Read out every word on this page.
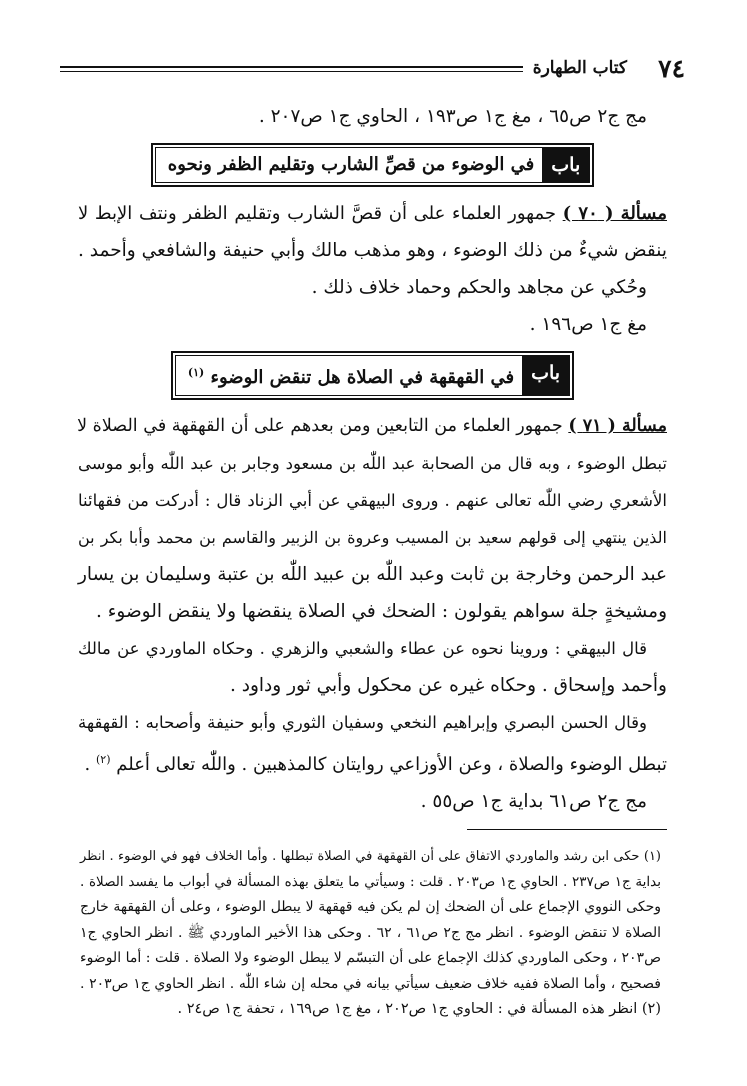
٧٤
كتاب الطهارة
مج ج٢ ص٦٥ ، مغ ج١ ص١٩٣ ، الحاوي ج١ ص٢٠٧ .
باب
في الوضوء من قصِّ الشارب وتقليم الظفر ونحوه
مسألة ( ٧٠ ) جمهور العلماء على أن قصَّ الشارب وتقليم الظفر ونتف الإبط لا
ينقض شيءٌ من ذلك الوضوء ، وهو مذهب مالك وأبي حنيفة والشافعي وأحمد .
وحُكي عن مجاهد والحكم وحماد خلاف ذلك .
مغ ج١ ص١٩٦ .
باب
في القهقهة في الصلاة هل تنقض الوضوء $^{(١)}$
مسألة ( ٧١ ) جمهور العلماء من التابعين ومن بعدهم على أن القهقهة في الصلاة لا
تبطل الوضوء ، وبه قال من الصحابة عبد اللّٰه بن مسعود وجابر بن عبد اللّٰه وأبو موسى
الأشعري رضي اللّٰه تعالى عنهم . وروى البيهقي عن أبي الزناد قال : أدركت من فقهائنا
الذين ينتهي إلى قولهم سعيد بن المسيب وعروة بن الزبير والقاسم بن محمد وأبا بكر بن
عبد الرحمن وخارجة بن ثابت وعبد اللّٰه بن عبيد اللّٰه بن عتبة وسليمان بن يسار
ومشيخةٍ جلة سواهم يقولون : الضحك في الصلاة ينقضها ولا ينقض الوضوء .
قال البيهقي : وروينا نحوه عن عطاء والشعبي والزهري . وحكاه الماوردي عن مالك
وأحمد وإسحاق . وحكاه غيره عن محكول وأبي ثور وداود .
وقال الحسن البصري وإبراهيم النخعي وسفيان الثوري وأبو حنيفة وأصحابه : القهقهة
تبطل الوضوء والصلاة ، وعن الأوزاعي روايتان كالمذهبين . واللّٰه تعالى أعلم $^{(٢)}$ .
مج ج٢ ص٦١ بداية ج١ ص٥٥ .
(١) حكى ابن رشد والماوردي الاتفاق على أن القهقهة في الصلاة تبطلها . وأما الخلاف فهو في الوضوء . انظر
بداية ج١ ص٢٣٧ . الحاوي ج١ ص٢٠٣ . قلت : وسيأتي ما يتعلق بهذه المسألة في أبواب ما يفسد الصلاة .
وحكى النووي الإجماع على أن الضحك إن لم يكن فيه قهقهة لا يبطل الوضوء ، وعلى أن القهقهة خارج
الصلاة لا تنقض الوضوء . انظر مج ج٢ ص٦١ ، ٦٢ . وحكى هذا الأخير الماوردي ﷺ . انظر الحاوي ج١
ص٢٠٣ ، وحكى الماوردي كذلك الإجماع على أن التبسّم لا يبطل الوضوء ولا الصلاة . قلت : أما الوضوء
فصحيح ، وأما الصلاة ففيه خلاف ضعيف سيأتي بيانه في محله إن شاء اللّٰه . انظر الحاوي ج١ ص٢٠٣ .
(٢) انظر هذه المسألة في : الحاوي ج١ ص٢٠٢ ، مغ ج١ ص١٦٩ ، تحفة ج١ ص٢٤ .
